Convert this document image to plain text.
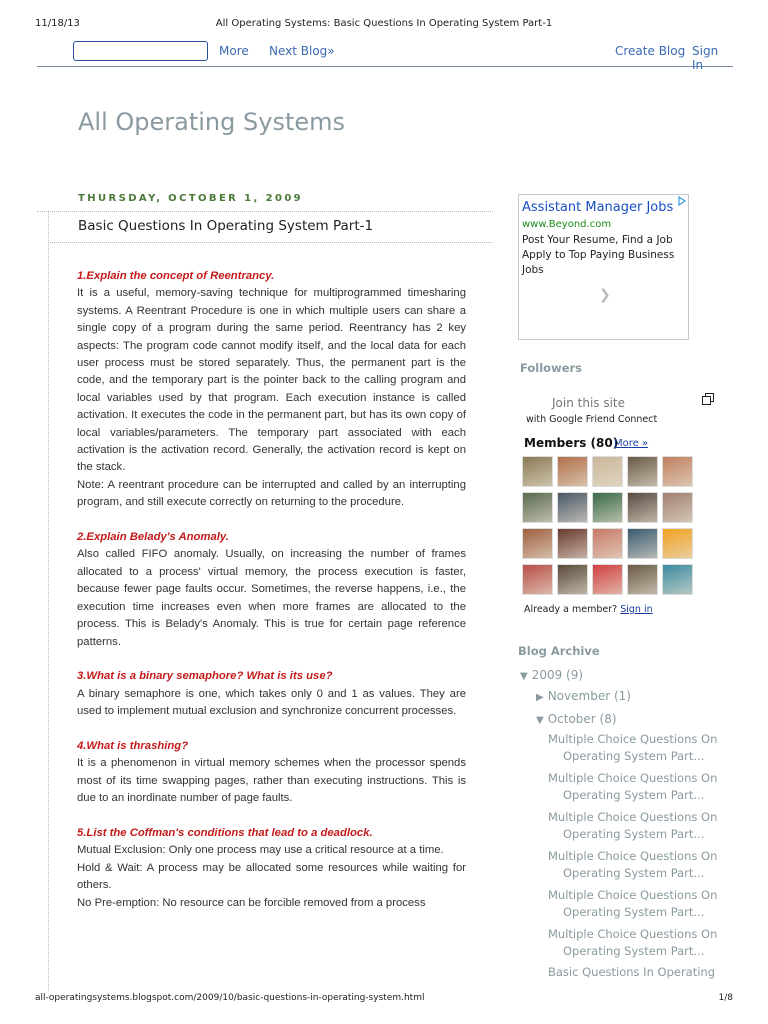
11/18/13	All Operating Systems: Basic Questions In Operating System Part-1
More Next Blog»	Create Blog Sign In
All Operating Systems
THURSDAY, OCTOBER 1, 2009
Basic Questions In Operating System Part-1
1.Explain the concept of Reentrancy.
It is a useful, memory-saving technique for multiprogrammed timesharing systems. A Reentrant Procedure is one in which multiple users can share a single copy of a program during the same period. Reentrancy has 2 key aspects: The program code cannot modify itself, and the local data for each user process must be stored separately. Thus, the permanent part is the code, and the temporary part is the pointer back to the calling program and local variables used by that program. Each execution instance is called activation. It executes the code in the permanent part, but has its own copy of local variables/parameters. The temporary part associated with each activation is the activation record. Generally, the activation record is kept on the stack.
Note: A reentrant procedure can be interrupted and called by an interrupting program, and still execute correctly on returning to the procedure.
2.Explain Belady's Anomaly.
Also called FIFO anomaly. Usually, on increasing the number of frames allocated to a process' virtual memory, the process execution is faster, because fewer page faults occur. Sometimes, the reverse happens, i.e., the execution time increases even when more frames are allocated to the process. This is Belady's Anomaly. This is true for certain page reference patterns.
3.What is a binary semaphore? What is its use?
A binary semaphore is one, which takes only 0 and 1 as values. They are used to implement mutual exclusion and synchronize concurrent processes.
4.What is thrashing?
It is a phenomenon in virtual memory schemes when the processor spends most of its time swapping pages, rather than executing instructions. This is due to an inordinate number of page faults.
5.List the Coffman's conditions that lead to a deadlock.
Mutual Exclusion: Only one process may use a critical resource at a time.
Hold & Wait: A process may be allocated some resources while waiting for others.
No Pre-emption: No resource can be forcible removed from a process
Assistant Manager Jobs
www.Beyond.com
Post Your Resume, Find a Job Apply to Top Paying Business Jobs
❯
Followers
Join this site
with Google Friend Connect
Members (80)
More »
Already a member? Sign in
Blog Archive
▼ 2009 (9)
▶ November (1)
▼ October (8)
Multiple Choice Questions On
Operating System Part...
Multiple Choice Questions On
Operating System Part...
Multiple Choice Questions On
Operating System Part...
Multiple Choice Questions On
Operating System Part...
Multiple Choice Questions On
Operating System Part...
Multiple Choice Questions On
Operating System Part...
Basic Questions In Operating
all-operatingsystems.blogspot.com/2009/10/basic-questions-in-operating-system.html	1/8
